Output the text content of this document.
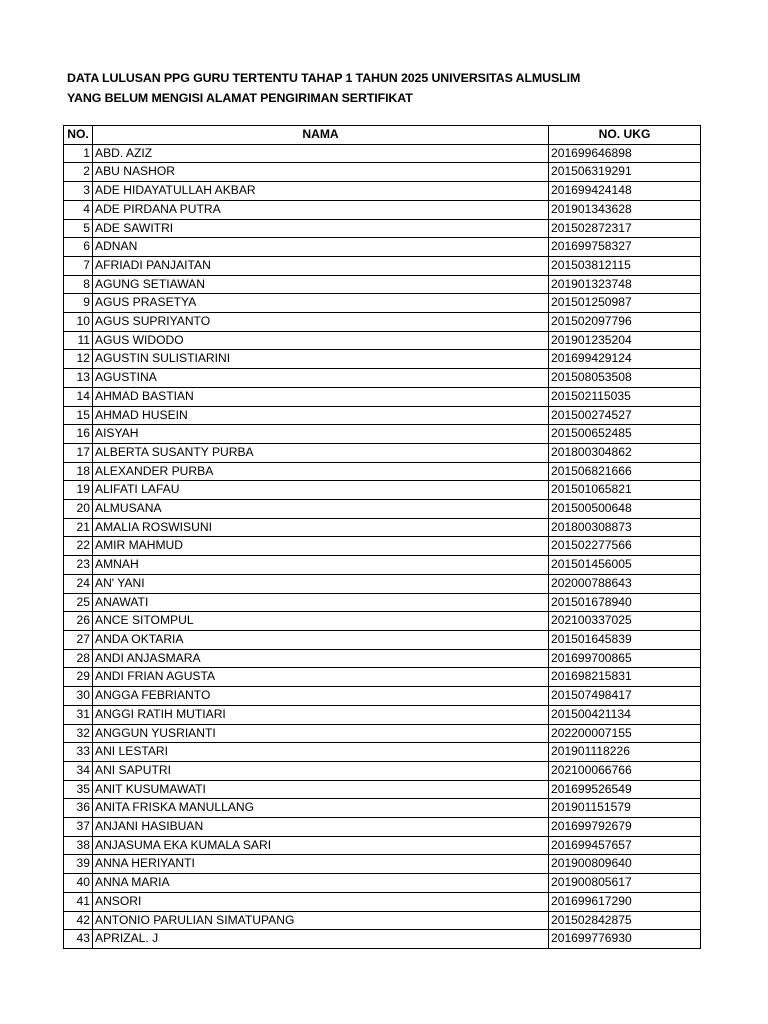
DATA LULUSAN PPG GURU TERTENTU TAHAP 1 TAHUN 2025 UNIVERSITAS ALMUSLIM
YANG BELUM MENGISI ALAMAT PENGIRIMAN SERTIFIKAT
NO.	NAMA	NO. UKG
1	ABD. AZIZ	201699646898
2	ABU NASHOR	201506319291
3	ADE HIDAYATULLAH AKBAR	201699424148
4	ADE PIRDANA PUTRA	201901343628
5	ADE SAWITRI	201502872317
6	ADNAN	201699758327
7	AFRIADI PANJAITAN	201503812115
8	AGUNG SETIAWAN	201901323748
9	AGUS PRASETYA	201501250987
10	AGUS SUPRIYANTO	201502097796
11	AGUS WIDODO	201901235204
12	AGUSTIN SULISTIARINI	201699429124
13	AGUSTINA	201508053508
14	AHMAD BASTIAN	201502115035
15	AHMAD HUSEIN	201500274527
16	AISYAH	201500652485
17	ALBERTA SUSANTY PURBA	201800304862
18	ALEXANDER PURBA	201506821666
19	ALIFATI LAFAU	201501065821
20	ALMUSANA	201500500648
21	AMALIA ROSWISUNI	201800308873
22	AMIR MAHMUD	201502277566
23	AMNAH	201501456005
24	AN' YANI	202000788643
25	ANAWATI	201501678940
26	ANCE SITOMPUL	202100337025
27	ANDA OKTARIA	201501645839
28	ANDI ANJASMARA	201699700865
29	ANDI FRIAN AGUSTA	201698215831
30	ANGGA FEBRIANTO	201507498417
31	ANGGI RATIH MUTIARI	201500421134
32	ANGGUN YUSRIANTI	202200007155
33	ANI LESTARI	201901118226
34	ANI SAPUTRI	202100066766
35	ANIT KUSUMAWATI	201699526549
36	ANITA FRISKA MANULLANG	201901151579
37	ANJANI HASIBUAN	201699792679
38	ANJASUMA EKA KUMALA SARI	201699457657
39	ANNA HERIYANTI	201900809640
40	ANNA MARIA	201900805617
41	ANSORI	201699617290
42	ANTONIO PARULIAN SIMATUPANG	201502842875
43	APRIZAL. J	201699776930
